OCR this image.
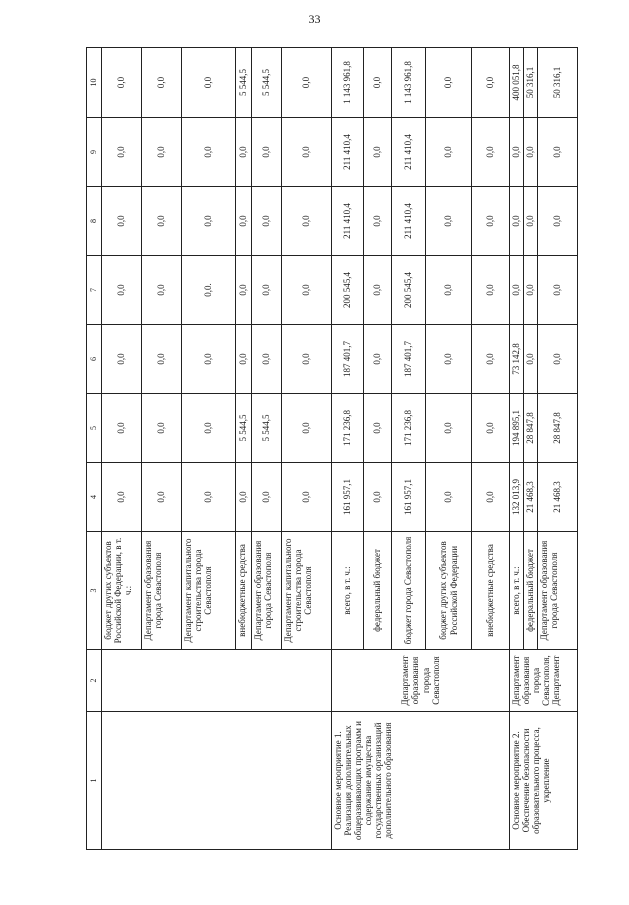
33
1	2	3	4	5	6	7	8	9	10
		бюджет других субъектов Российской Федерации, в т. ч.:	0,0	0,0	0,0	0,0	0,0	0,0	0,0
		Департамент образования города Севастополя	0,0	0,0	0,0	0,0	0,0	0,0	0,0
		Департамент капитального строительства города Севастополя	0,0	0,0	0,0	0,0.	0,0	0,0	0,0
		внебюджетные средства	0,0	5 544,5	0,0	0,0	0,0	0,0	5 544,5
		Департамент образования города Севастополя	0,0	5 544,5	0,0	0,0	0,0	0,0	5 544,5
		Департамент капитального строительства города Севастополя	0,0	0,0	0,0	0,0	0,0	0,0	0,0
Основное мероприятие 1. Реализация дополнительных общеразвивающих программ и содержание имущества государственных организаций дополнительного образования	Департамент образования города Севастополя	всего, в т. ч.:	161 957,1	171 236,8	187 401,7	200 545,4	211 410,4	211 410,4	1 143 961,8
		федеральный бюджет	0,0	0,0	0,0	0,0	0,0	0,0	0,0
		бюджет города Севастополя	161 957,1	171 236,8	187 401,7	200 545,4	211 410,4	211 410,4	1 143 961,8
		бюджет других субъектов Российской Федерации	0,0	0,0	0,0	0,0	0,0	0,0	0,0
		внебюджетные средства	0,0	0,0	0,0	0,0	0,0	0,0	0,0
Основное мероприятие 2. Обеспечение безопасности образовательного процесса, укрепление	Департамент образования города Севастополя, Департамент	всего, в т. ч.:	132 013,9	194 895,1	73 142,8	0,0	0,0	0,0	400 051,8
		федеральный бюджет	21 468,3	28 847,8	0,0	0,0	0,0	0,0	50 316,1
		Департамент образования города Севастополя	21 468,3	28 847,8	0,0	0,0	0,0	0,0	50 316,1
